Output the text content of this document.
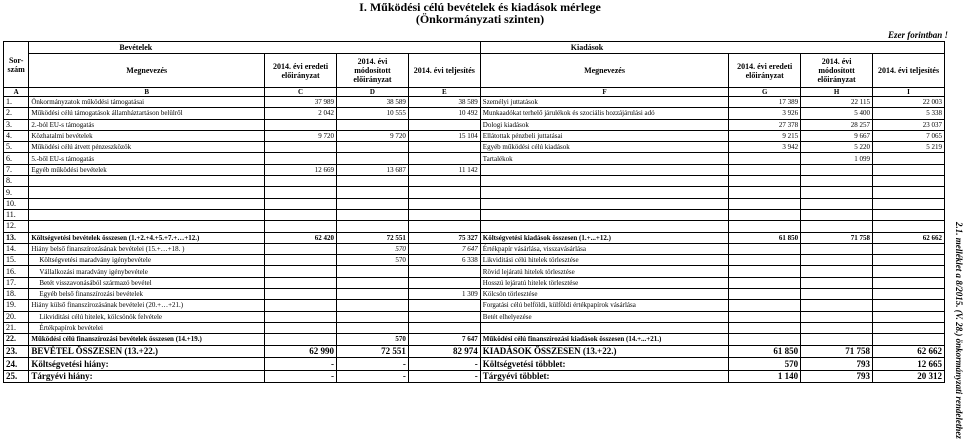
I. Működési célú bevételek és kiadások mérlege
(Önkormányzati szinten)
Ezer forintban !
2.1. melléklet a 8/2015. (V. 28.) önkormányzati rendelethez
Sor-
szám	Bevételek				Kiadások			
	Megnevezés	2014. évi eredeti előirányzat	2014. évi módosított előirányzat	2014. évi teljesítés	Megnevezés	2014. évi eredeti előirányzat	2014. évi módosított előirányzat	2014. évi teljesítés
A	B	C	D	E	F	G	H	I
1.	Önkormányzatok működési támogatásai	37 989	38 589	38 589	Személyi juttatások	17 389	22 115	22 003
2.	Működési célú támogatások államháztartáson belülről	2 042	10 555	10 492	Munkaadókat terhelő járulékok és szociális hozzájárulási adó	3 926	5 400	5 338
3.	2.-ból EU-s támogatás				Dologi kiadások	27 378	28 257	23 037
4.	Közhatalmi bevételek	9 720	9 720	15 104	Ellátottak pénzbeli juttatásai	9 215	9 667	7 065
5.	Működési célú átvett pénzeszközök				Egyéb működési célú kiadások	3 942	5 220	5 219
6.	5.-ből EU-s támogatás				Tartalékok		1 099	
7.	Egyéb működési bevételek	12 669	13 687	11 142				
8.								
9.								
10.								
11.								
12.								
13.	Költségvetési bevételek összesen (1.+2.+4.+5.+7.+…+12.)	62 420	72 551	75 327	Költségvetési kiadások összesen (1.+...+12.)	61 850	71 758	62 662
14.	Hiány belső finanszírozásának bevételei (15.+…+18. )		570	7 647	Értékpapír vásárlása, visszavásárlása			
15.	Költségvetési maradvány igénybevétele		570	6 338	Likviditási célú hitelek törlesztése			
16.	Vállalkozási maradvány igénybevétele				Rövid lejáratú hitelek törlesztése			
17.	Betét visszavonásából származó bevétel				Hosszú lejáratú hitelek törlesztése			
18.	Egyéb belső finanszírozási bevételek			1 309	Kölcsön törlesztése			
19.	Hiány külső finanszírozásának bevételei (20.+…+21.)				Forgatási célú belföldi, külföldi értékpapírok vásárlása			
20.	Likviditási célú hitelek, kölcsönök felvétele				Betét elhelyezése			
21.	Értékpapírok bevételei							
22.	Működési célú finanszírozási bevételek összesen (14.+19.)		570	7 647	Működési célú finanszírozási kiadások összesen (14.+...+21.)			
23.	BEVÉTEL ÖSSZESEN (13.+22.)	62 990	72 551	82 974	KIADÁSOK ÖSSZESEN (13.+22.)	61 850	71 758	62 662
24.	Költségvetési hiány:	-	-	-	Költségvetési többlet:	570	793	12 665
25.	Tárgyévi hiány:	-	-	-	Tárgyévi többlet:	1 140	793	20 312
